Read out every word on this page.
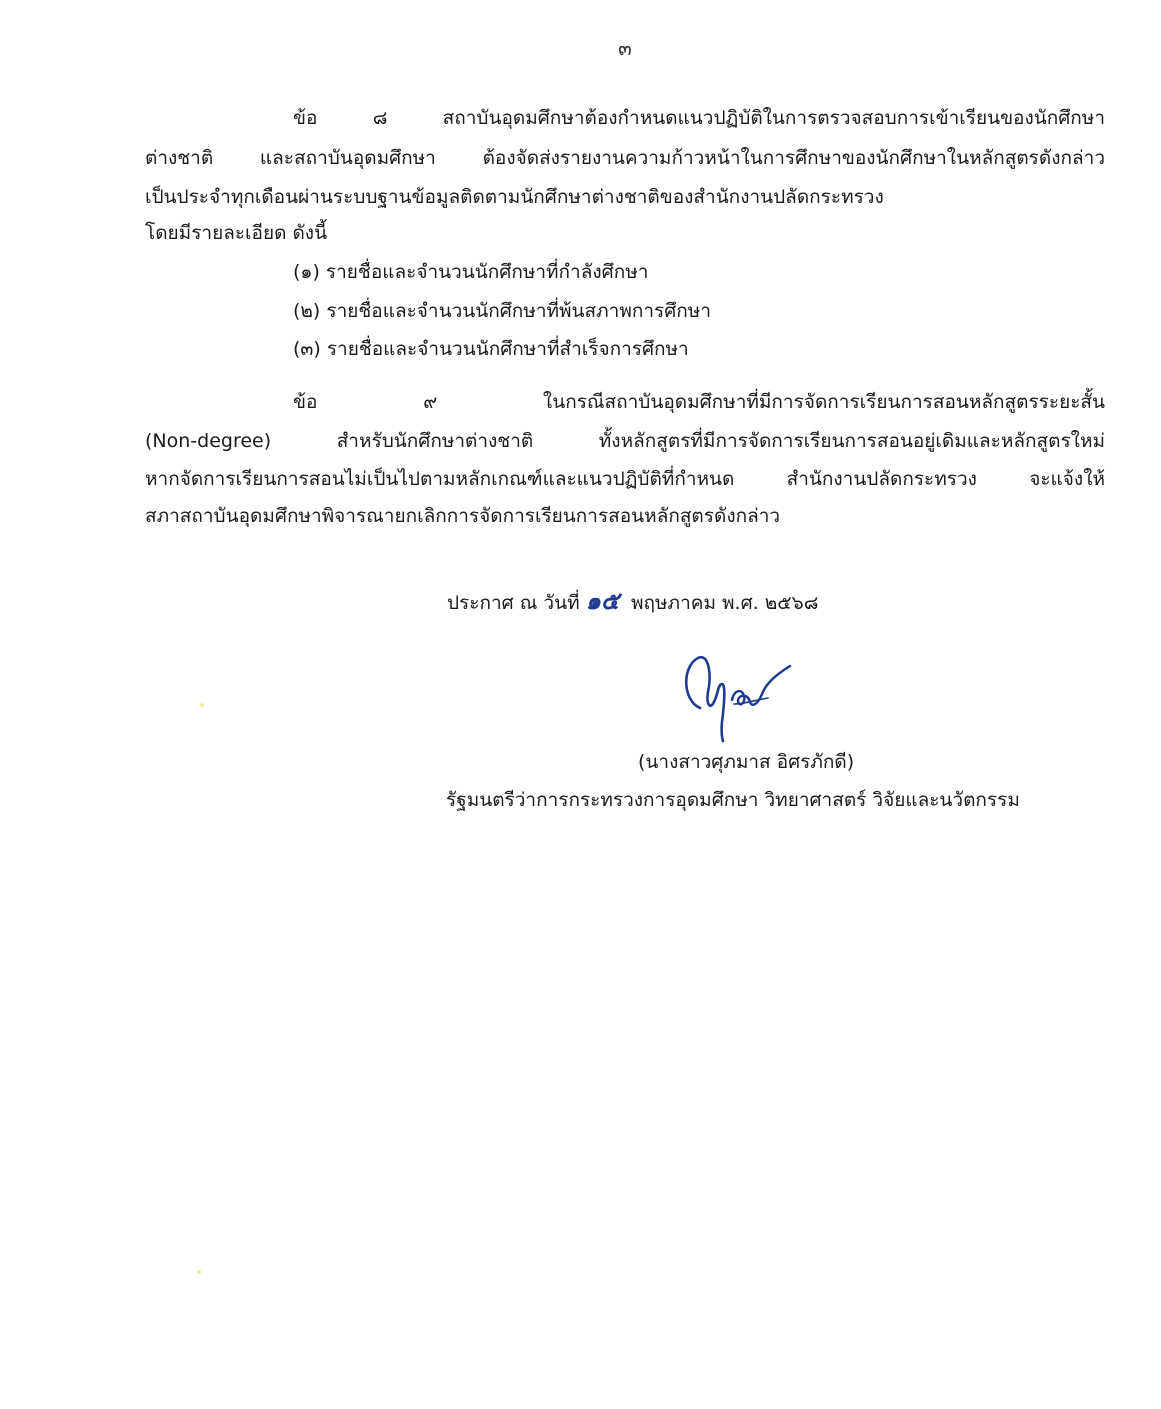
๓
ข้อ ๘ สถาบันอุดมศึกษาต้องกำหนดแนวปฏิบัติในการตรวจสอบการเข้าเรียนของนักศึกษา
ต่างชาติ และสถาบันอุดมศึกษา ต้องจัดส่งรายงานความก้าวหน้าในการศึกษาของนักศึกษาในหลักสูตรดังกล่าว
เป็นประจำทุกเดือนผ่านระบบฐานข้อมูลติดตามนักศึกษาต่างชาติของสำนักงานปลัดกระทรวง
โดยมีรายละเอียด ดังนี้
(๑) รายชื่อและจำนวนนักศึกษาที่กำลังศึกษา
(๒) รายชื่อและจำนวนนักศึกษาที่พ้นสภาพการศึกษา
(๓) รายชื่อและจำนวนนักศึกษาที่สำเร็จการศึกษา
ข้อ ๙ ในกรณีสถาบันอุดมศึกษาที่มีการจัดการเรียนการสอนหลักสูตรระยะสั้น
(Non-degree) สำหรับนักศึกษาต่างชาติ ทั้งหลักสูตรที่มีการจัดการเรียนการสอนอยู่เดิมและหลักสูตรใหม่
หากจัดการเรียนการสอนไม่เป็นไปตามหลักเกณฑ์และแนวปฏิบัติที่กำหนด สำนักงานปลัดกระทรวง จะแจ้งให้
สภาสถาบันอุดมศึกษาพิจารณายกเลิกการจัดการเรียนการสอนหลักสูตรดังกล่าว
ประกาศ ณ วันที่ ๑๕ พฤษภาคม พ.ศ. ๒๕๖๘
(นางสาวศุภมาส อิศรภักดี)
รัฐมนตรีว่าการกระทรวงการอุดมศึกษา วิทยาศาสตร์ วิจัยและนวัตกรรม
